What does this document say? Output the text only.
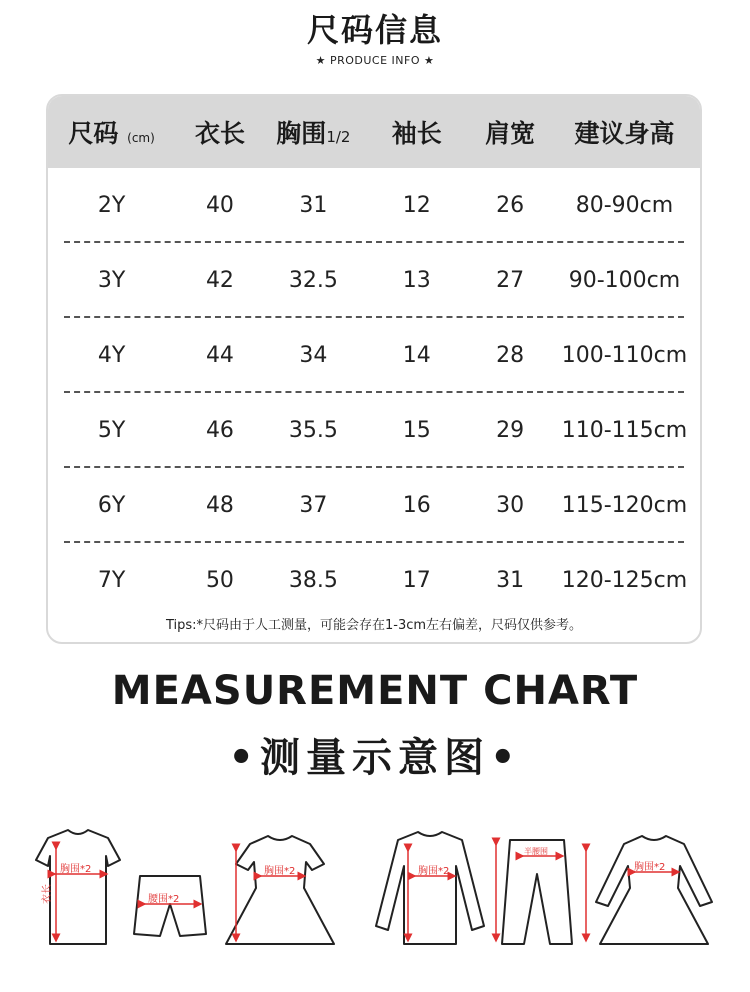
尺码信息
★ PRODUCE INFO ★
尺码 (cm)	衣长	胸围1/2	袖长	肩宽	建议身高
2Y	40	31	12	26	80-90cm
3Y	42	32.5	13	27	90-100cm
4Y	44	34	14	28	100-110cm
5Y	46	35.5	15	29	110-115cm
6Y	48	37	16	30	115-120cm
7Y	50	38.5	17	31	120-125cm
Tips:*尺码由于人工测量，可能会存在1-3cm左右偏差，尺码仅供参考。
MEASUREMENT CHART
•测量示意图•
胸围*2
衣长	腰围*2
胸围*2	胸围*2
半腰围
胸围*2
